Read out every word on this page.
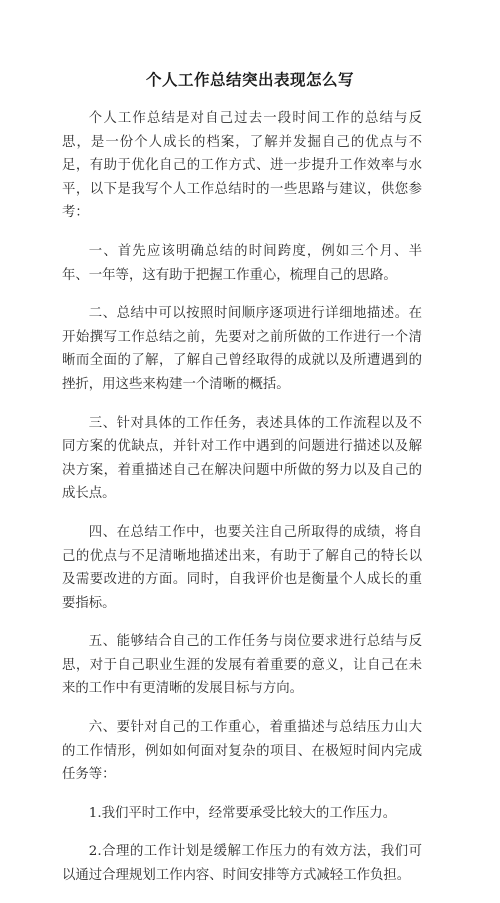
个人工作总结突出表现怎么写

个人工作总结是对自己过去一段时间工作的总结与反思，是一份个人成长的档案，了解并发掘自己的优点与不足，有助于优化自己的工作方式、进一步提升工作效率与水平，以下是我写个人工作总结时的一些思路与建议，供您参考：

一、首先应该明确总结的时间跨度，例如三个月、半年、一年等，这有助于把握工作重心，梳理自己的思路。

二、总结中可以按照时间顺序逐项进行详细地描述。在开始撰写工作总结之前，先要对之前所做的工作进行一个清晰而全面的了解，了解自己曾经取得的成就以及所遭遇到的挫折，用这些来构建一个清晰的概括。

三、针对具体的工作任务，表述具体的工作流程以及不同方案的优缺点，并针对工作中遇到的问题进行描述以及解决方案，着重描述自己在解决问题中所做的努力以及自己的成长点。

四、在总结工作中，也要关注自己所取得的成绩，将自己的优点与不足清晰地描述出来，有助于了解自己的特长以及需要改进的方面。同时，自我评价也是衡量个人成长的重要指标。

五、能够结合自己的工作任务与岗位要求进行总结与反思，对于自己职业生涯的发展有着重要的意义，让自己在未来的工作中有更清晰的发展目标与方向。

六、要针对自己的工作重心，着重描述与总结压力山大的工作情形，例如如何面对复杂的项目、在极短时间内完成任务等：

1.我们平时工作中，经常要承受比较大的工作压力。

2.合理的工作计划是缓解工作压力的有效方法，我们可以通过合理规划工作内容、时间安排等方式减轻工作负担。
